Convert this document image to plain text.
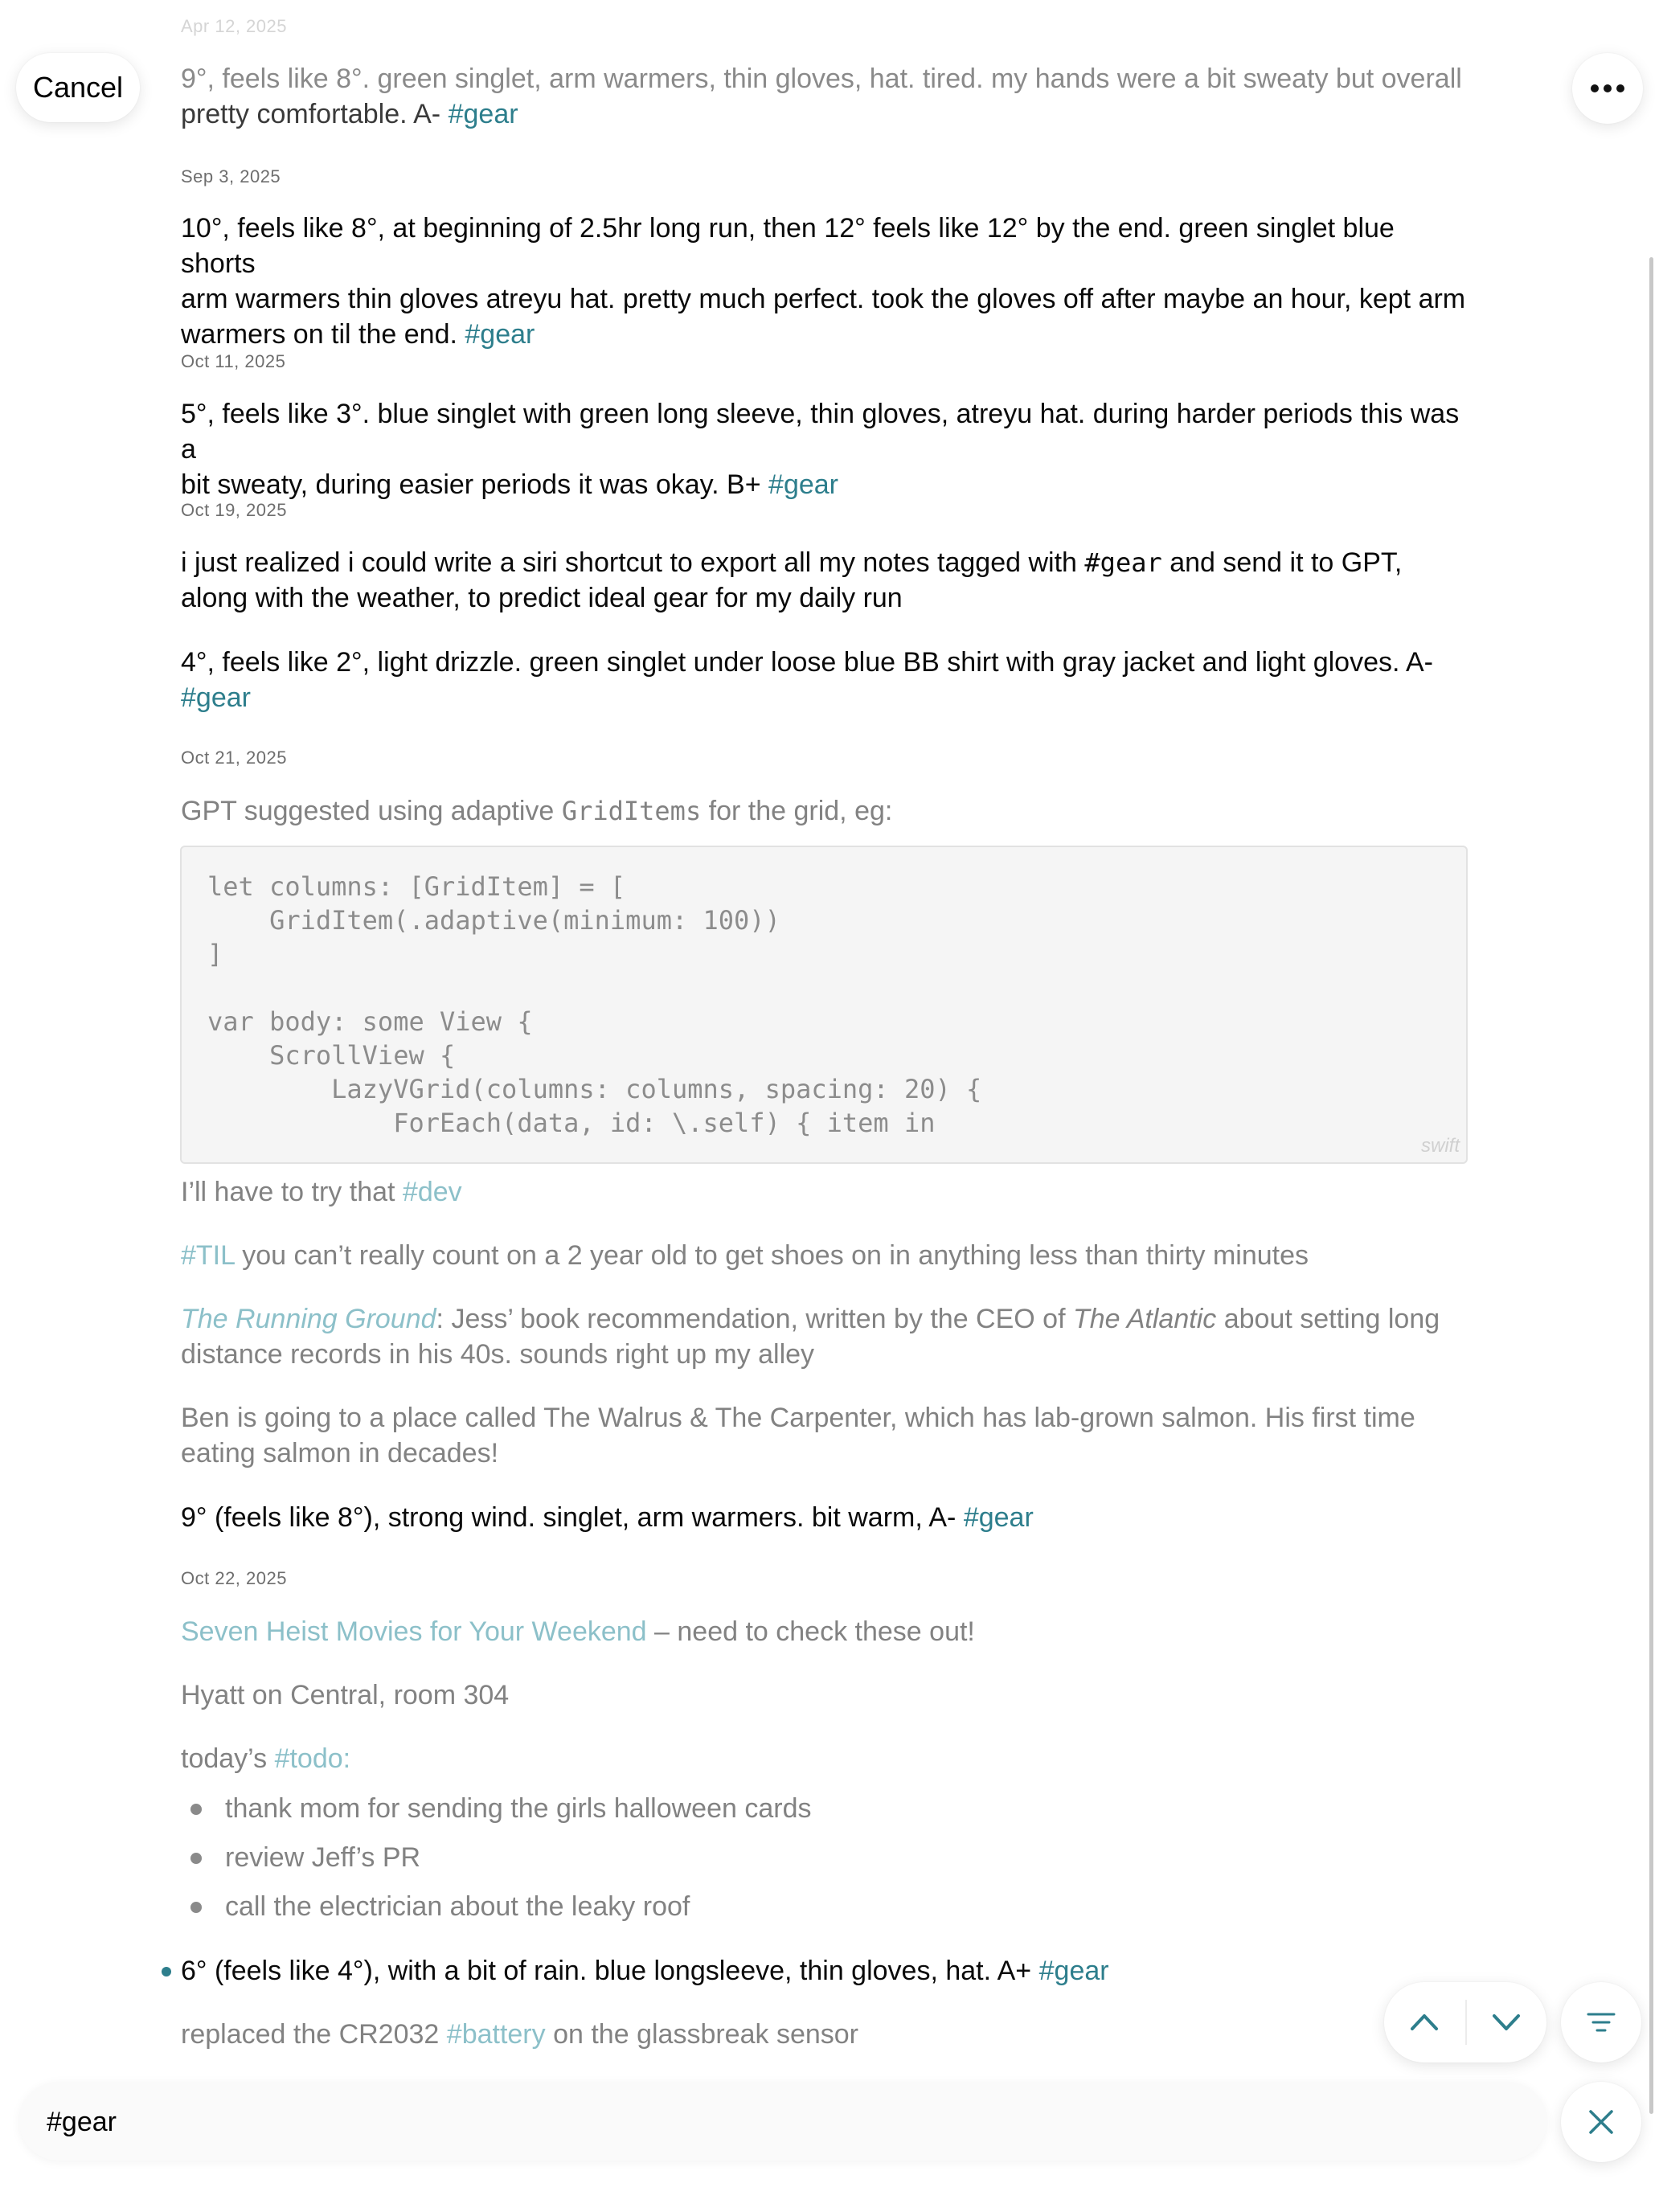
Apr 12, 2025
9°, feels like 8°. green singlet, arm warmers, thin gloves, hat. tired. my hands were a bit sweaty but overall
pretty comfortable. A- #gear
Sep 3, 2025
10°, feels like 8°, at beginning of 2.5hr long run, then 12° feels like 12° by the end. green singlet blue shorts
arm warmers thin gloves atreyu hat. pretty much perfect. took the gloves off after maybe an hour, kept arm
warmers on til the end. #gear
Oct 11, 2025
5°, feels like 3°. blue singlet with green long sleeve, thin gloves, atreyu hat. during harder periods this was a
bit sweaty, during easier periods it was okay. B+ #gear
Oct 19, 2025
i just realized i could write a siri shortcut to export all my notes tagged with #gear and send it to GPT,
along with the weather, to predict ideal gear for my daily run
4°, feels like 2°, light drizzle. green singlet under loose blue BB shirt with gray jacket and light gloves. A-
#gear
Oct 21, 2025
GPT suggested using adaptive GridItems for the grid, eg:
let columns: [GridItem] = [
GridItem(.adaptive(minimum: 100))
]
var body: some View {
ScrollView {
LazyVGrid(columns: columns, spacing: 20) {
ForEach(data, id: \.self) { item in
swift
I’ll have to try that #dev
#TIL you can’t really count on a 2 year old to get shoes on in anything less than thirty minutes
The Running Ground: Jess’ book recommendation, written by the CEO of The Atlantic about setting long
distance records in his 40s. sounds right up my alley
Ben is going to a place called The Walrus & The Carpenter, which has lab-grown salmon. His first time
eating salmon in decades!
9° (feels like 8°), strong wind. singlet, arm warmers. bit warm, A- #gear
Oct 22, 2025
Seven Heist Movies for Your Weekend – need to check these out!
Hyatt on Central, room 304
today’s #todo:
thank mom for sending the girls halloween cards
review Jeff’s PR
call the electrician about the leaky roof
6° (feels like 4°), with a bit of rain. blue longsleeve, thin gloves, hat. A+ #gear
replaced the CR2032 #battery on the glassbreak sensor
Cancel
#gear
